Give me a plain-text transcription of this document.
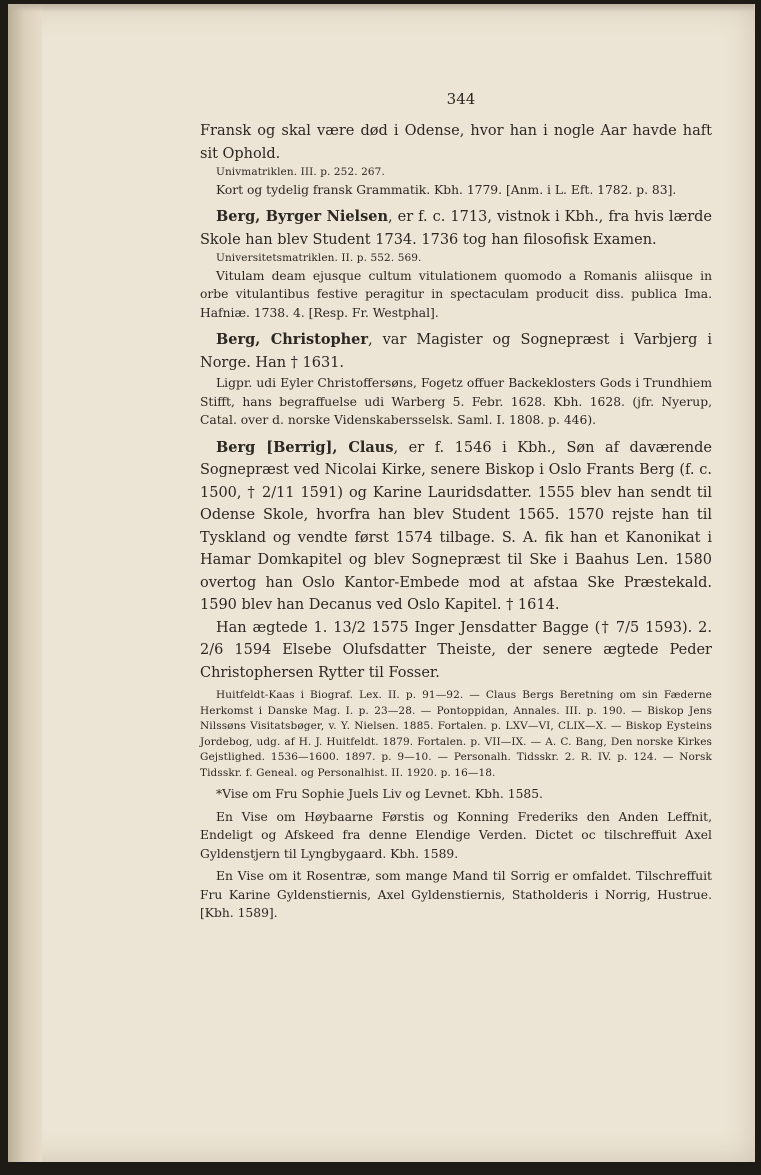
344

Fransk og skal være død i Odense, hvor han i nogle Aar havde haft sit Ophold.

Univmatriklen. III. p. 252. 267.

Kort og tydelig fransk Grammatik. Kbh. 1779. [Anm. i L. Eft. 1782. p. 83].

Berg, Byrger Nielsen, er f. c. 1713, vistnok i Kbh., fra hvis lærde Skole han blev Student 1734. 1736 tog han filosofisk Examen.

Universitetsmatriklen. II. p. 552. 569.

Vitulam deam ejusque cultum vitulationem quomodo a Romanis aliisque in orbe vitulantibus festive peragitur in spectaculam producit diss. publica Ima. Hafniæ. 1738. 4. [Resp. Fr. Westphal].

Berg, Christopher, var Magister og Sognepræst i Varbjerg i Norge. Han † 1631.

Ligpr. udi Eyler Christoffersøns, Fogetz offuer Backeklosters Gods i Trundhiem Stifft, hans begraffuelse udi Warberg 5. Febr. 1628. Kbh. 1628. (jfr. Nyerup, Catal. over d. norske Videnskabersselsk. Saml. I. 1808. p. 446).

Berg [Berrig], Claus, er f. 1546 i Kbh., Søn af daværende Sognepræst ved Nicolai Kirke, senere Biskop i Oslo Frants Berg (f. c. 1500, † 2/11 1591) og Karine Lauridsdatter. 1555 blev han sendt til Odense Skole, hvorfra han blev Student 1565. 1570 rejste han til Tyskland og vendte først 1574 tilbage. S. A. fik han et Kanonikat i Hamar Domkapitel og blev Sognepræst til Ske i Baahus Len. 1580 overtog han Oslo Kantor-Embede mod at afstaa Ske Præstekald. 1590 blev han Decanus ved Oslo Kapitel. † 1614.

Han ægtede 1. 13/2 1575 Inger Jensdatter Bagge († 7/5 1593). 2. 2/6 1594 Elsebe Olufsdatter Theiste, der senere ægtede Peder Christophersen Rytter til Fosser.

Huitfeldt-Kaas i Biograf. Lex. II. p. 91—92. — Claus Bergs Beretning om sin Fæderne Herkomst i Danske Mag. I. p. 23—28. — Pontoppidan, Annales. III. p. 190. — Biskop Jens Nilssøns Visitatsbøger, v. Y. Nielsen. 1885. Fortalen. p. LXV—VI, CLIX—X. — Biskop Eysteins Jordebog, udg. af H. J. Huitfeldt. 1879. Fortalen. p. VII—IX. — A. C. Bang, Den norske Kirkes Gejstlighed. 1536—1600. 1897. p. 9—10. — Personalh. Tidsskr. 2. R. IV. p. 124. — Norsk Tidsskr. f. Geneal. og Personalhist. II. 1920. p. 16—18.

*Vise om Fru Sophie Juels Liv og Levnet. Kbh. 1585.

En Vise om Høybaarne Førstis og Konning Frederiks den Anden Leffnit, Endeligt og Afskeed fra denne Elendige Verden. Dictet oc tilschreffuit Axel Gyldenstjern til Lyngbygaard. Kbh. 1589.

En Vise om it Rosentræ, som mange Mand til Sorrig er omfaldet. Tilschreffuit Fru Karine Gyldenstiernis, Axel Gyldenstiernis, Statholderis i Norrig, Hustrue. [Kbh. 1589].
